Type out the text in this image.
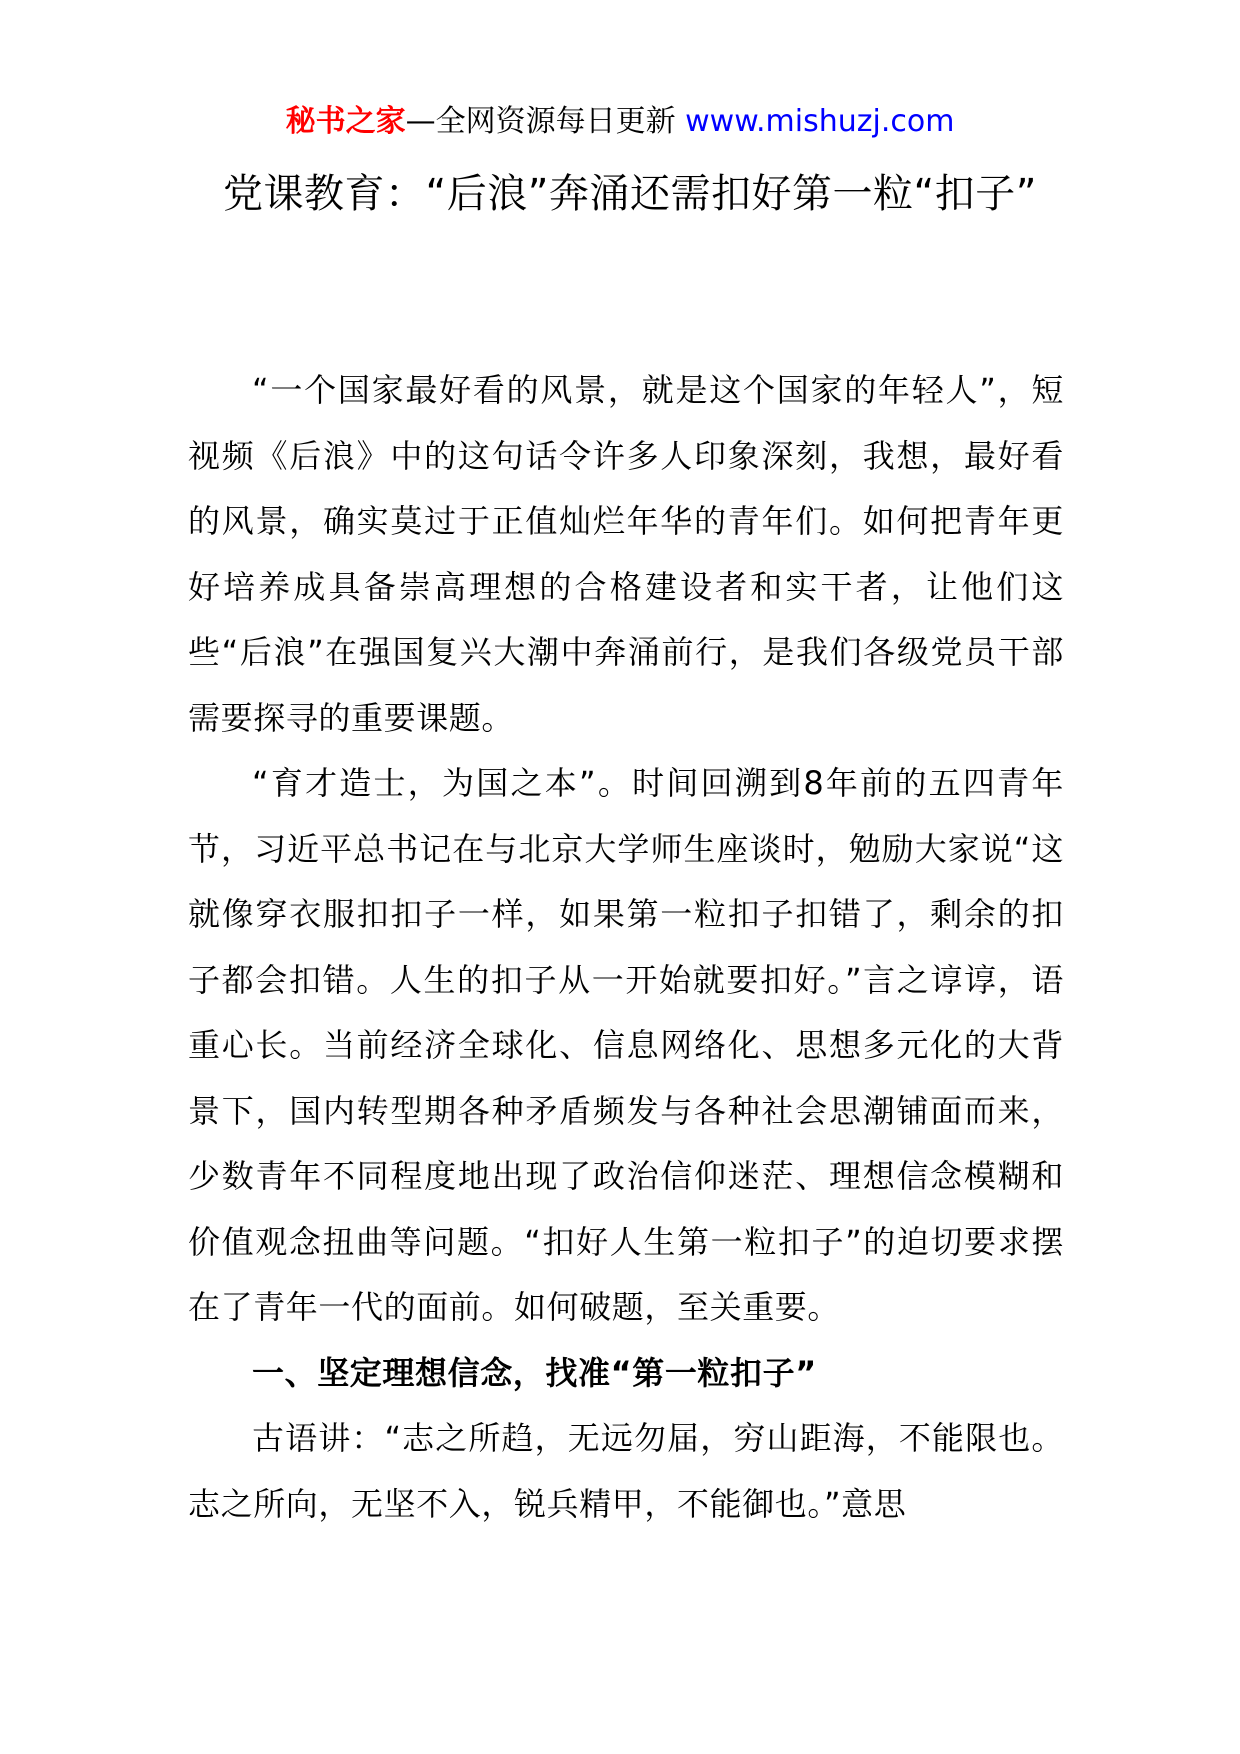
秘书之家—全网资源每日更新 www.mishuzj.com
党课教育：“后浪”奔涌还需扣好第一粒“扣子”

“一个国家最好看的风景，就是这个国家的年轻人”，短视频《后浪》中的这句话令许多人印象深刻，我想，最好看的风景，确实莫过于正值灿烂年华的青年们。如何把青年更好培养成具备崇高理想的合格建设者和实干者，让他们这些“后浪”在强国复兴大潮中奔涌前行，是我们各级党员干部需要探寻的重要课题。

“育才造士，为国之本”。时间回溯到8年前的五四青年节，习近平总书记在与北京大学师生座谈时，勉励大家说“这就像穿衣服扣扣子一样，如果第一粒扣子扣错了，剩余的扣子都会扣错。人生的扣子从一开始就要扣好。”言之谆谆，语重心长。当前经济全球化、信息网络化、思想多元化的大背景下，国内转型期各种矛盾频发与各种社会思潮铺面而来，少数青年不同程度地出现了政治信仰迷茫、理想信念模糊和价值观念扭曲等问题。“扣好人生第一粒扣子”的迫切要求摆在了青年一代的面前。如何破题，至关重要。

一、坚定理想信念，找准“第一粒扣子”

古语讲：“志之所趋，无远勿届，穷山距海，不能限也。志之所向，无坚不入，锐兵精甲，不能御也。”意思
